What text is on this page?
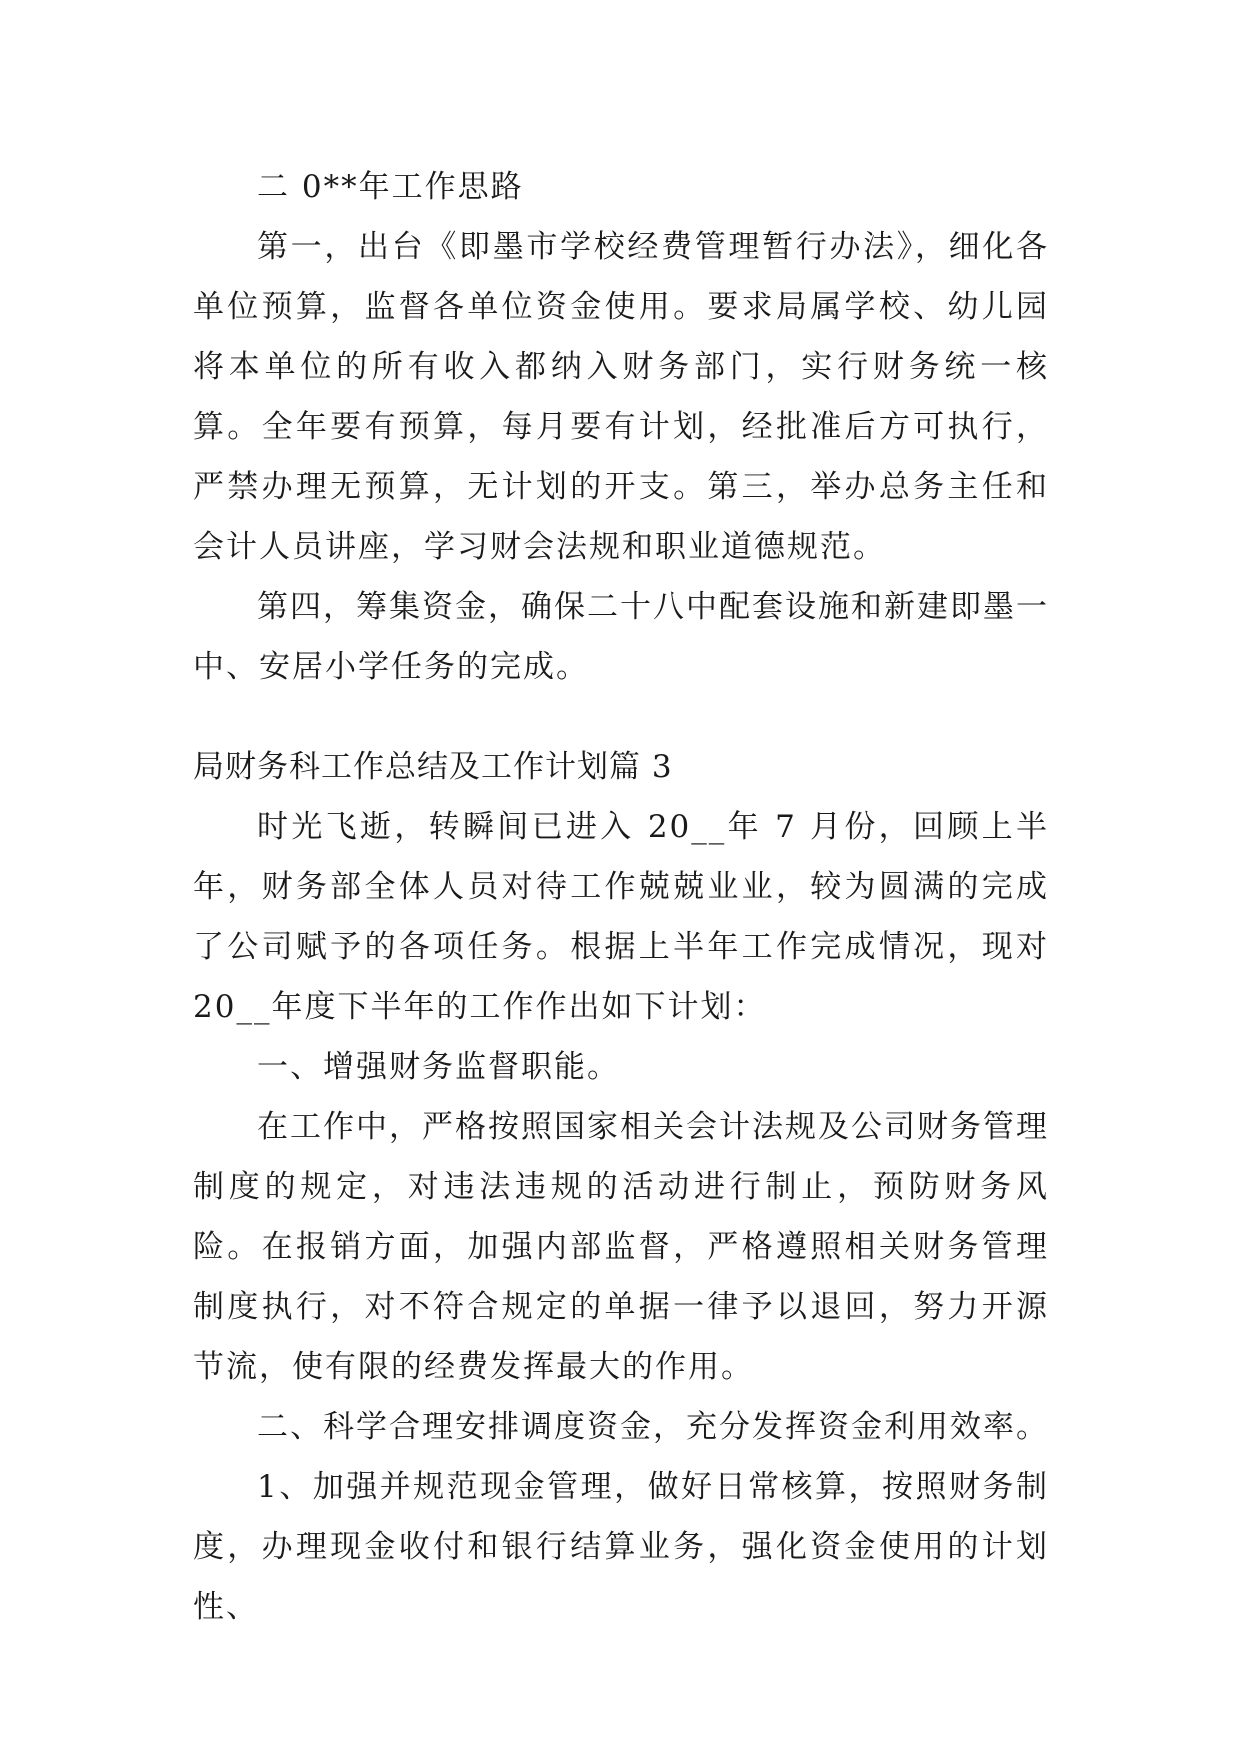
二 0**年工作思路

第一，出台《即墨市学校经费管理暂行办法》，细化各单位预算，监督各单位资金使用。要求局属学校、幼儿园将本单位的所有收入都纳入财务部门，实行财务统一核算。全年要有预算，每月要有计划，经批准后方可执行，严禁办理无预算，无计划的开支。第三，举办总务主任和会计人员讲座，学习财会法规和职业道德规范。

第四，筹集资金，确保二十八中配套设施和新建即墨一中、安居小学任务的完成。

局财务科工作总结及工作计划篇 3

时光飞逝，转瞬间已进入 20__年 7 月份，回顾上半年，财务部全体人员对待工作兢兢业业，较为圆满的完成了公司赋予的各项任务。根据上半年工作完成情况，现对 20__年度下半年的工作作出如下计划：

一、增强财务监督职能。

在工作中，严格按照国家相关会计法规及公司财务管理制度的规定，对违法违规的活动进行制止，预防财务风险。在报销方面，加强内部监督，严格遵照相关财务管理制度执行，对不符合规定的单据一律予以退回，努力开源节流，使有限的经费发挥最大的作用。

二、科学合理安排调度资金，充分发挥资金利用效率。

1、加强并规范现金管理，做好日常核算，按照财务制度，办理现金收付和银行结算业务，强化资金使用的计划性、
